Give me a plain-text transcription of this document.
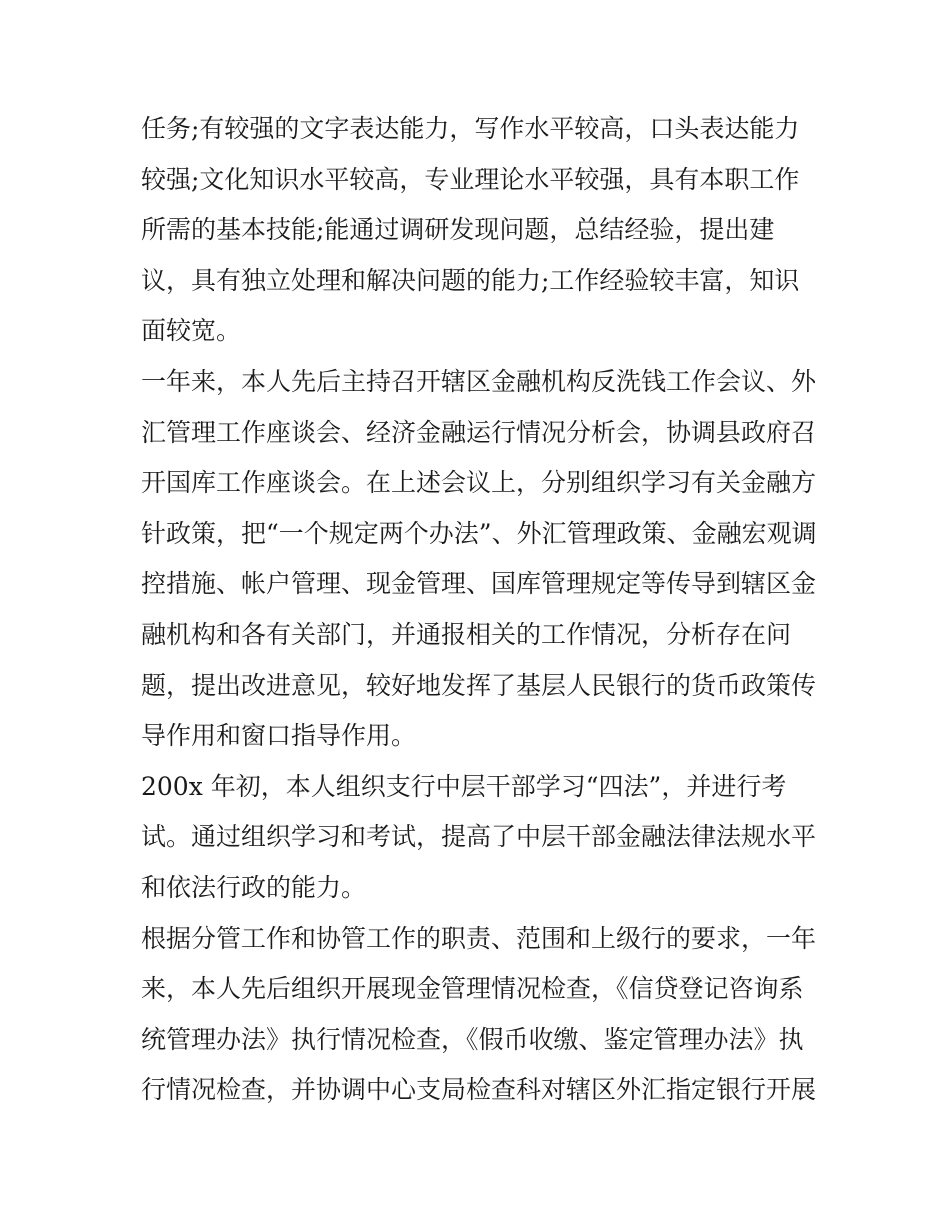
任务;有较强的文字表达能力，写作水平较高，口头表达能力
较强;文化知识水平较高，专业理论水平较强，具有本职工作
所需的基本技能;能通过调研发现问题，总结经验，提出建
议，具有独立处理和解决问题的能力;工作经验较丰富，知识
面较宽。
一年来，本人先后主持召开辖区金融机构反洗钱工作会议、外
汇管理工作座谈会、经济金融运行情况分析会，协调县政府召
开国库工作座谈会。在上述会议上，分别组织学习有关金融方
针政策，把“一个规定两个办法”、外汇管理政策、金融宏观调
控措施、帐户管理、现金管理、国库管理规定等传导到辖区金
融机构和各有关部门，并通报相关的工作情况，分析存在问
题，提出改进意见，较好地发挥了基层人民银行的货币政策传
导作用和窗口指导作用。
200x 年初，本人组织支行中层干部学习“四法”，并进行考
试。通过组织学习和考试，提高了中层干部金融法律法规水平
和依法行政的能力。
根据分管工作和协管工作的职责、范围和上级行的要求，一年
来，本人先后组织开展现金管理情况检查，《信贷登记咨询系
统管理办法》执行情况检查，《假币收缴、鉴定管理办法》执
行情况检查，并协调中心支局检查科对辖区外汇指定银行开展
